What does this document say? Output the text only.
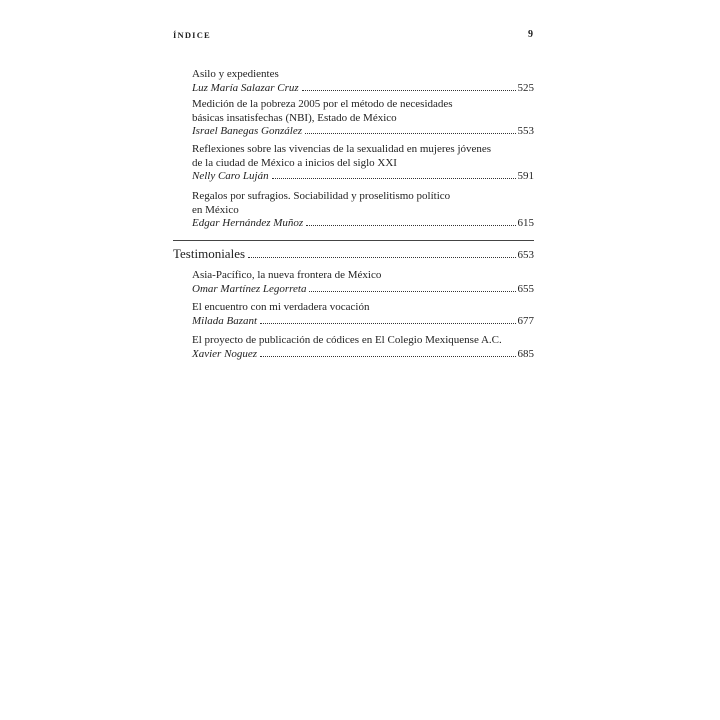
ÍNDICE	9
Asilo y expedientes
Luz María Salazar Cruz	525
Medición de la pobreza 2005 por el método de necesidades
básicas insatisfechas (NBI), Estado de México
Israel Banegas González	553
Reflexiones sobre las vivencias de la sexualidad en mujeres jóvenes
de la ciudad de México a inicios del siglo XXI
Nelly Caro Luján	591
Regalos por sufragios. Sociabilidad y proselitismo político
en México
Edgar Hernández Muñoz	615
Testimoniales	653
Asia-Pacífico, la nueva frontera de México
Omar Martínez Legorreta	655
El encuentro con mi verdadera vocación
Milada Bazant	677
El proyecto de publicación de códices en El Colegio Mexiquense A.C.
Xavier Noguez	685
